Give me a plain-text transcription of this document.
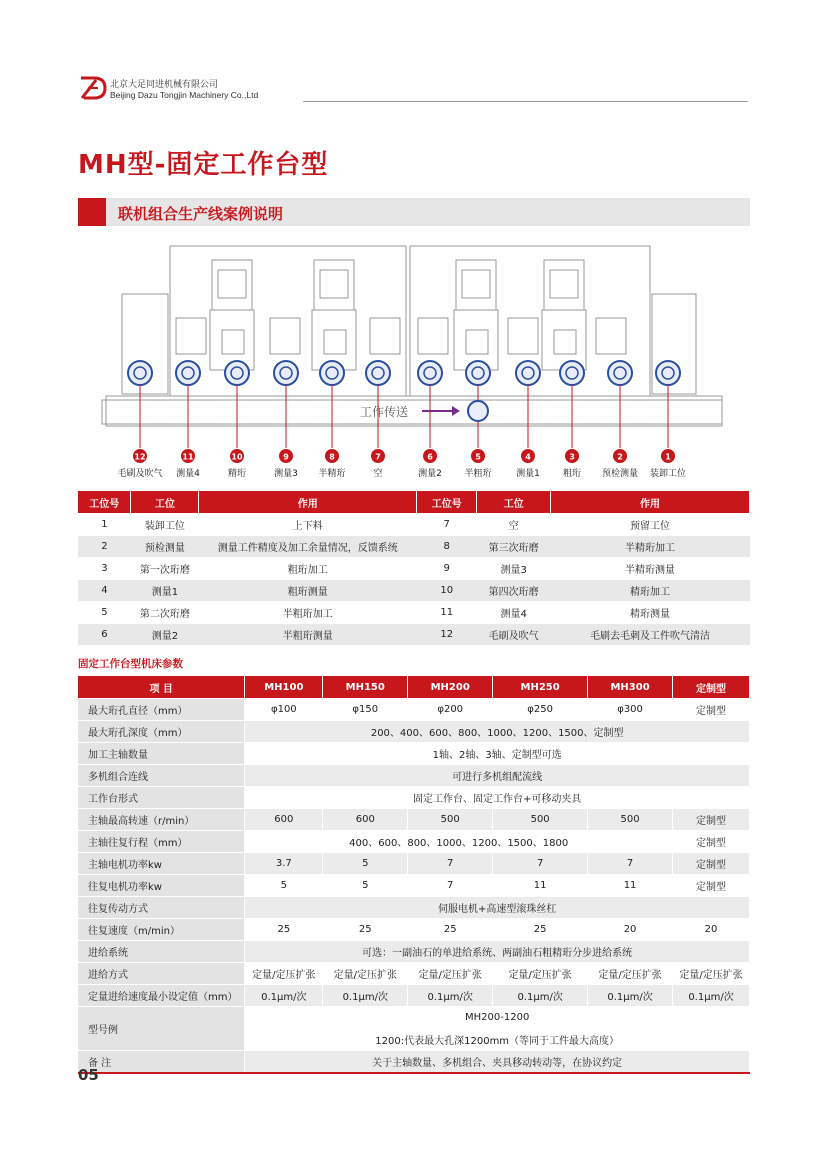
北京大足同进机械有限公司
Beijing Dazu Tongjin Machinery Co.,Ltd
MH型-固定工作台型
联机组合生产线案例说明
工作传送
12
毛刷及吹气
11
测量4
10
精珩
9
测量3
8
半精珩
7
空
6
测量2
5
半粗珩
4
测量1
3
粗珩
2
预检测量
1
装卸工位
工位号	工位	作用	工位号	工位	作用
1	装卸工位	上下料	7	空	预留工位
2	预检测量	测量工件精度及加工余量情况，反馈系统	8	第三次珩磨	半精珩加工
3	第一次珩磨	粗珩加工	9	测量3	半精珩测量
4	测量1	粗珩测量	10	第四次珩磨	精珩加工
5	第二次珩磨	半粗珩加工	11	测量4	精珩测量
6	测量2	半粗珩测量	12	毛刷及吹气	毛刷去毛刺及工件吹气清洁
固定工作台型机床参数
项 目	MH100	MH150	MH200	MH250	MH300	定制型
最大珩孔直径（mm）	φ100	φ150	φ200	φ250	φ300	定制型
最大珩孔深度（mm）	200、400、600、800、1000、1200、1500、定制型					
加工主轴数量	1轴、2轴、3轴、定制型可选					
多机组合连线	可进行多机组配流线					
工作台形式	固定工作台、固定工作台+可移动夹具					
主轴最高转速（r/min）	600	600	500	500	500	定制型
主轴往复行程（mm）	400、600、800、1000、1200、1500、1800					定制型
主轴电机功率kw	3.7	5	7	7	7	定制型
往复电机功率kw	5	5	7	11	11	定制型
往复传动方式	伺服电机+高速型滚珠丝杠					
往复速度（m/min）	25	25	25	25	20	20
进给系统	可选：一副油石的单进给系统、两副油石粗精珩分步进给系统					
进给方式	定量/定压扩张	定量/定压扩张	定量/定压扩张	定量/定压扩张	定量/定压扩张	定量/定压扩张
定量进给速度最小设定值（mm）	0.1μm/次	0.1μm/次	0.1μm/次	0.1μm/次	0.1μm/次	0.1μm/次
型号例	MH200-1200					
	1200:代表最大孔深1200mm（等同于工件最大高度）					
备 注	关于主轴数量、多机组合、夹具移动转动等，在协议约定					
05
